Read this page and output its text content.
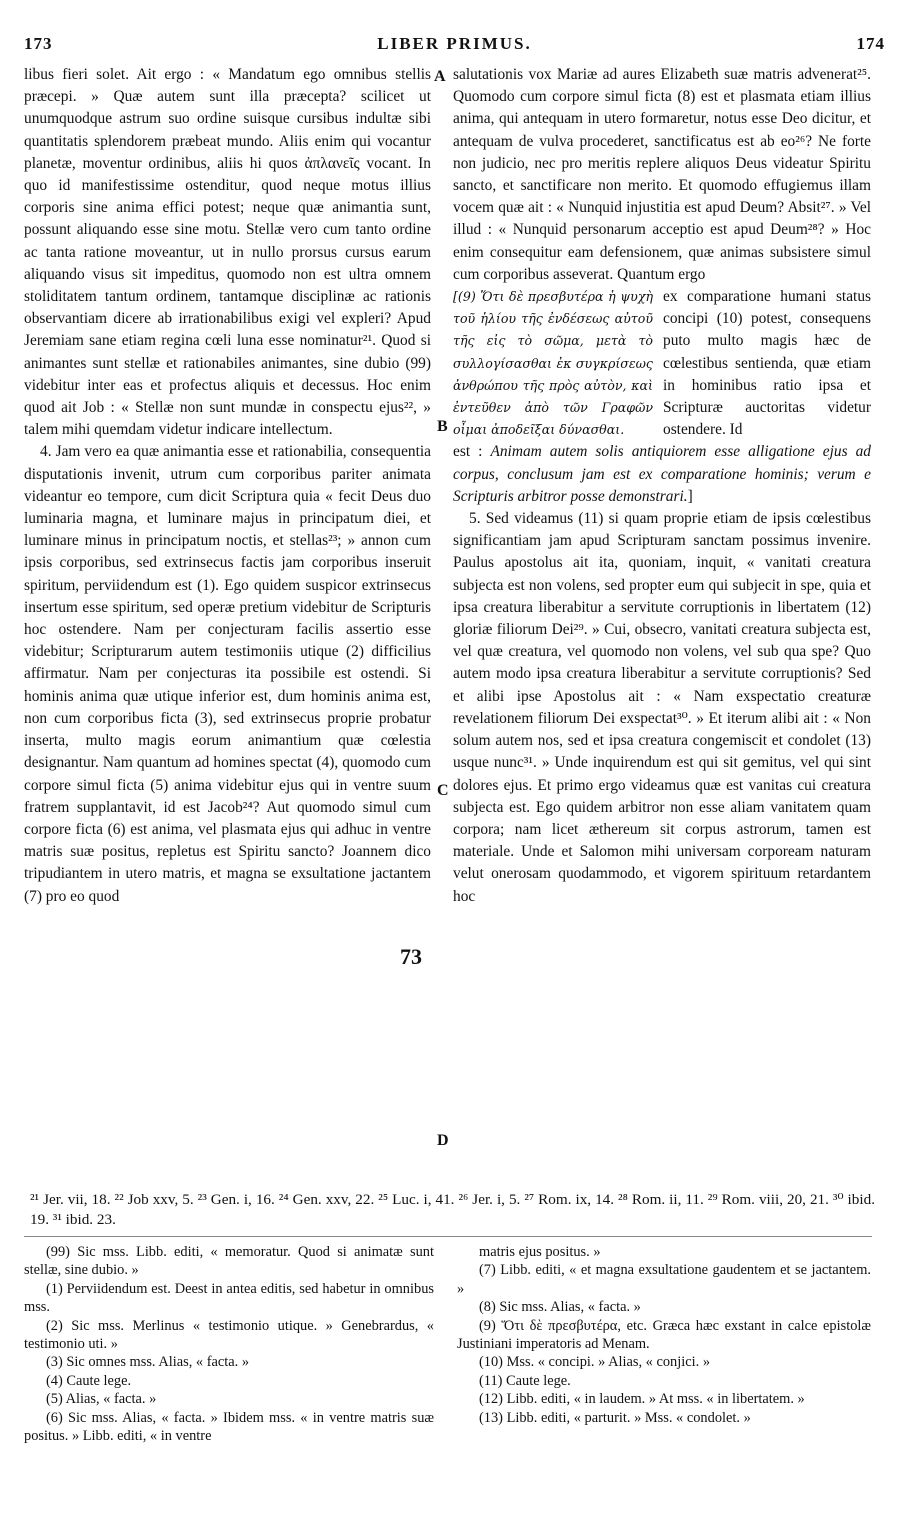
173	LIBER PRIMUS.	174

libus fieri solet. Ait ergo : « Mandatum ego omnibus stellis præcepi. » Quæ autem sunt illa præcepta? scilicet ut unumquodque astrum suo ordine suisque cursibus indultæ sibi quantitatis splendorem præbeat mundo. Aliis enim qui vocantur planetæ, moventur ordinibus, aliis hi quos ἀπλανεῖς vocant. In quo id manifestissime ostenditur, quod neque motus illius corporis sine anima effici potest; neque quæ animantia sunt, possunt aliquando esse sine motu. Stellæ vero cum tanto ordine ac tanta ratione moveantur, ut in nullo prorsus cursus earum aliquando visus sit impeditus, quomodo non est ultra omnem stoliditatem tantum ordinem, tantamque disciplinæ ac rationis observantiam dicere ab irrationabilibus exigi vel expleri? Apud Jeremiam sane etiam regina cœli luna esse nominatur²¹. Quod si animantes sunt stellæ et rationabiles animantes, sine dubio (99) videbitur inter eas et profectus aliquis et decessus. Hoc enim quod ait Job : « Stellæ non sunt mundæ in conspectu ejus²², » talem mihi quemdam videtur indicare intellectum.

4. Jam vero ea quæ animantia esse et rationabilia, consequentia disputationis invenit, utrum cum corporibus pariter animata videantur eo tempore, cum dicit Scriptura quia « fecit Deus duo luminaria magna, et luminare majus in principatum diei, et luminare minus in principatum noctis, et stellas²³; » annon cum ipsis corporibus, sed extrinsecus factis jam corporibus inseruit spiritum, perviidendum est (1). Ego quidem suspicor extrinsecus insertum esse spiritum, sed operæ pretium videbitur de Scripturis hoc ostendere. Nam per conjecturam facilis assertio esse videbitur; Scripturarum autem testimoniis utique (2) difficilius affirmatur. Nam per conjecturas ita possibile est ostendi. Si hominis anima quæ utique inferior est, dum hominis anima est, non cum corporibus ficta (3), sed extrinsecus proprie probatur inserta, multo magis eorum animantium quæ cœlestia designantur. Nam quantum ad homines spectat (4), quomodo cum corpore simul ficta (5) anima videbitur ejus qui in ventre suum fratrem supplantavit, id est Jacob²⁴? Aut quomodo simul cum corpore ficta (6) est anima, vel plasmata ejus qui adhuc in ventre matris suæ positus, repletus est Spiritu sancto? Joannem dico tripudiantem in utero matris, et magna se exsultatione jactantem (7) pro eo quod

salutationis vox Mariæ ad aures Elizabeth suæ matris advenerat²⁵. Quomodo cum corpore simul ficta (8) est et plasmata etiam illius anima, qui antequam in utero formaretur, notus esse Deo dicitur, et antequam de vulva procederet, sanctificatus est ab eo²⁶? Ne forte non judicio, nec pro meritis replere aliquos Deus videatur Spiritu sancto, et sanctificare non merito. Et quomodo effugiemus illam vocem quæ ait : « Nunquid injustitia est apud Deum? Absit²⁷. » Vel illud : « Nunquid personarum acceptio est apud Deum²⁸? » Hoc enim consequitur eam defensionem, quæ animas subsistere simul cum corporibus asseverat. Quantum ergo

[(9) Ὅτι δὲ πρεσβυτέρα ἡ ψυχὴ τοῦ ἡλίου τῆς ἐνδέσεως αὐτοῦ τῆς εἰς τὸ σῶμα, μετὰ τὸ συλλογίσασθαι ἐκ συγκρίσεως ἀνθρώπου τῆς πρὸς αὐτὸν, καὶ ἐντεῦθεν ἀπὸ τῶν Γραφῶν οἶμαι ἀποδεῖξαι δύνασθαι.
ex comparatione humani status concipi (10) potest, consequens puto multo magis hæc de cœlestibus sentienda, quæ etiam in hominibus ratio ipsa et Scripturæ auctoritas videtur ostendere. Id

est : Animam autem solis antiquiorem esse alligatione ejus ad corpus, conclusum jam est ex comparatione hominis; verum e Scripturis arbitror posse demonstrari.]

5. Sed videamus (11) si quam proprie etiam de ipsis cœlestibus significantiam jam apud Scripturam sanctam possimus invenire. Paulus apostolus ait ita, quoniam, inquit, « vanitati creatura subjecta est non volens, sed propter eum qui subjecit in spe, quia et ipsa creatura liberabitur a servitute corruptionis in libertatem (12) gloriæ filiorum Dei²⁹. » Cui, obsecro, vanitati creatura subjecta est, vel quæ creatura, vel quomodo non volens, vel sub qua spe? Quo autem modo ipsa creatura liberabitur a servitute corruptionis? Sed et alibi ipse Apostolus ait : « Nam exspectatio creaturæ revelationem filiorum Dei exspectat³⁰. » Et iterum alibi ait : « Non solum autem nos, sed et ipsa creatura congemiscit et condolet (13) usque nunc³¹. » Unde inquirendum est qui sit gemitus, vel qui sint dolores ejus. Et primo ergo videamus quæ est vanitas cui creatura subjecta est. Ego quidem arbitror non esse aliam vanitatem quam corpora; nam licet æthereum sit corpus astrorum, tamen est materiale. Unde et Salomon mihi universam corpoream naturam velut onerosam quodammodo, et vigorem spirituum retardantem hoc

A
B
C
D
73
²¹ Jer. vii, 18. ²² Job xxv, 5. ²³ Gen. i, 16. ²⁴ Gen. xxv, 22. ²⁵ Luc. i, 41. ²⁶ Jer. i, 5. ²⁷ Rom. ix, 14. ²⁸ Rom. ii, 11. ²⁹ Rom. viii, 20, 21. ³⁰ ibid. 19. ³¹ ibid. 23.

(99) Sic mss. Libb. editi, « memoratur. Quod si animatæ sunt stellæ, sine dubio. »

(1) Perviidendum est. Deest in antea editis, sed habetur in omnibus mss.

(2) Sic mss. Merlinus « testimonio utique. » Genebrardus, « testimonio uti. »

(3) Sic omnes mss. Alias, « facta. »

(4) Caute lege.

(5) Alias, « facta. »

(6) Sic mss. Alias, « facta. » Ibidem mss. « in ventre matris suæ positus. » Libb. editi, « in ventre

matris ejus positus. »

(7) Libb. editi, « et magna exsultatione gaudentem et se jactantem. »

(8) Sic mss. Alias, « facta. »

(9) Ὅτι δὲ πρεσβυτέρα, etc. Græca hæc exstant in calce epistolæ Justiniani imperatoris ad Menam.

(10) Mss. « concipi. » Alias, « conjici. »

(11) Caute lege.

(12) Libb. editi, « in laudem. » At mss. « in libertatem. »

(13) Libb. editi, « parturit. » Mss. « condolet. »
